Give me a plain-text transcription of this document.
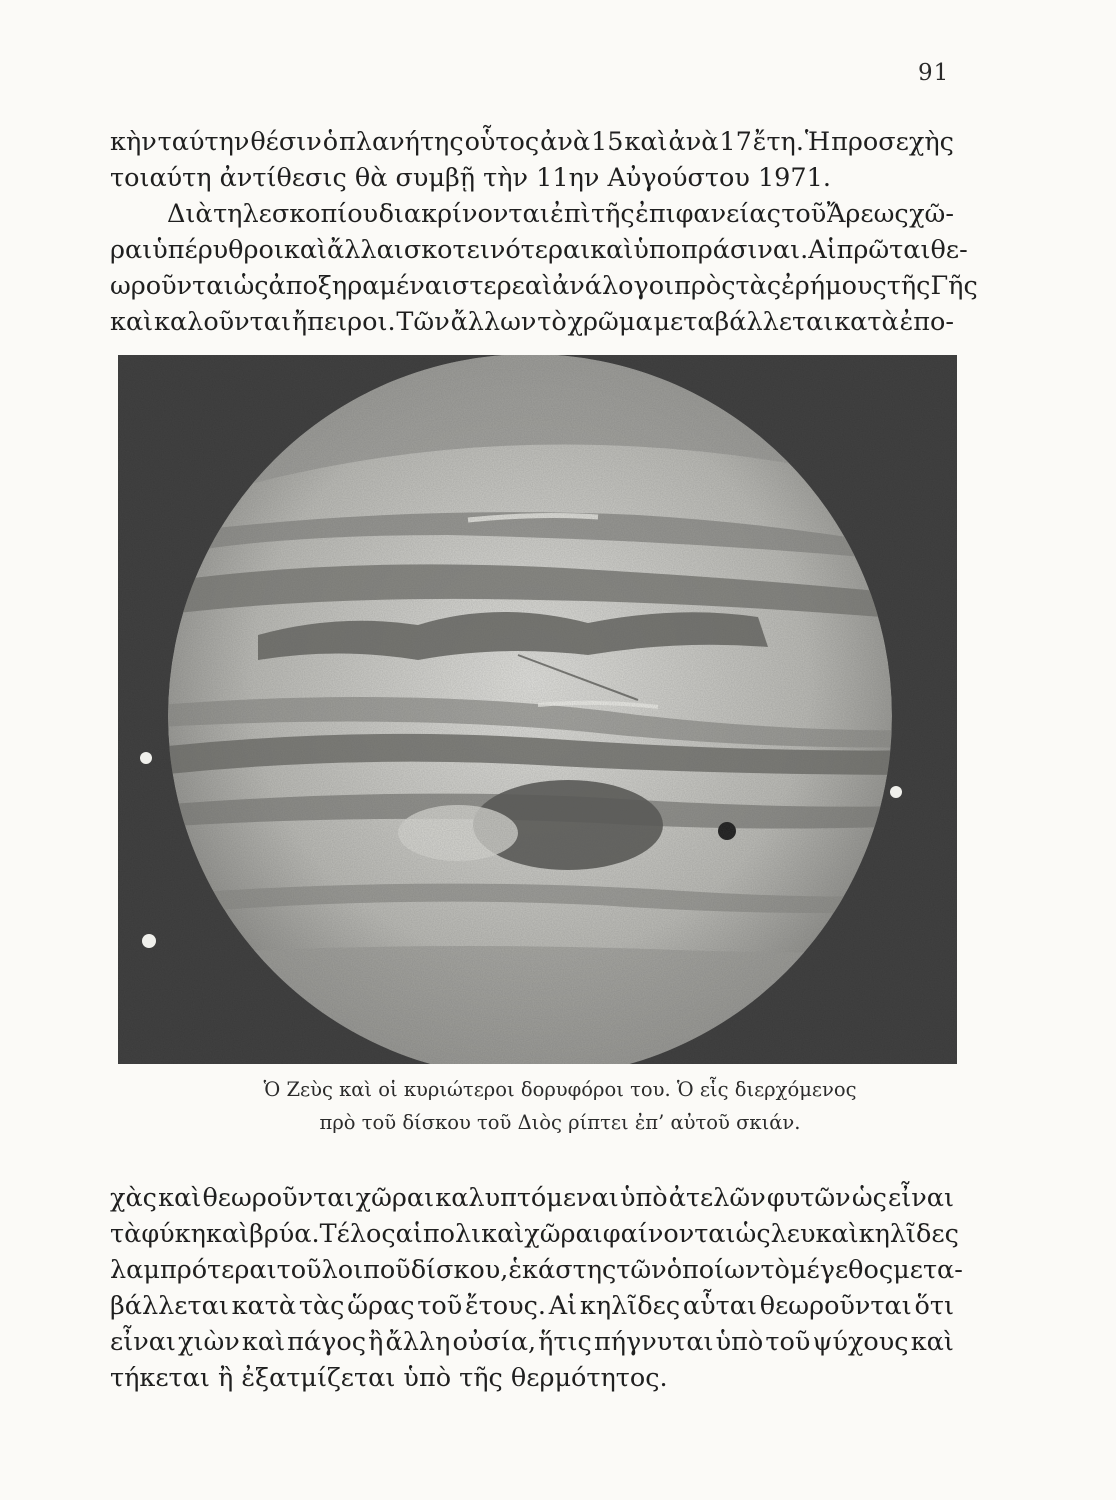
91
κὴν ταύτην θέσιν ὁ πλανήτης οὗτος ἀνὰ 15 καὶ ἀνὰ 17 ἔτη. Ἡ προσεχὴς
τοιαύτη ἀντίθεσις θὰ συμβῇ τὴν 11ην Αὐγούστου 1971.
Διὰ τηλεσκοπίου διακρίνονται ἐπὶ τῆς ἐπιφανείας τοῦ Ἄρεως χῶ-
ραι ὑπέρυθροι καὶ ἄλλαι σκοτεινότεραι καὶ ὑποπράσιναι. Αἱ πρῶται θε-
ωροῦνται ὡς ἀποξηραμέναι στερεαὶ ἀνάλογοι πρὸς τὰς ἐρήμους τῆς Γῆς
καὶ καλοῦνται ἤπειροι. Τῶν ἄλλων τὸ χρῶμα μεταβάλλεται κατὰ ἐπο-
Ὁ Ζεὺς καὶ οἱ κυριώτεροι δορυφόροι του. Ὁ εἷς διερχόμενος
πρὸ τοῦ δίσκου τοῦ Διὸς ρίπτει ἐπ’ αὐτοῦ σκιάν.
χὰς καὶ θεωροῦνται χῶραι καλυπτόμεναι ὑπὸ ἀτελῶν φυτῶν ὡς εἶναι
τὰ φύκη καὶ βρύα. Τέλος αἱ πολικαὶ χῶραι φαίνονται ὡς λευκαὶ κηλῖδες
λαμπρότεραι τοῦ λοιποῦ δίσκου, ἑκάστης τῶν ὁποίων τὸ μέγεθος μετα-
βάλλεται κατὰ τὰς ὥρας τοῦ ἔτους. Αἱ κηλῖδες αὗται θεωροῦνται ὅτι
εἶναι χιὼν καὶ πάγος ἢ ἄλλη οὐσία, ἥτις πήγνυται ὑπὸ τοῦ ψύχους καὶ
τήκεται ἢ ἐξατμίζεται ὑπὸ τῆς θερμότητος.
